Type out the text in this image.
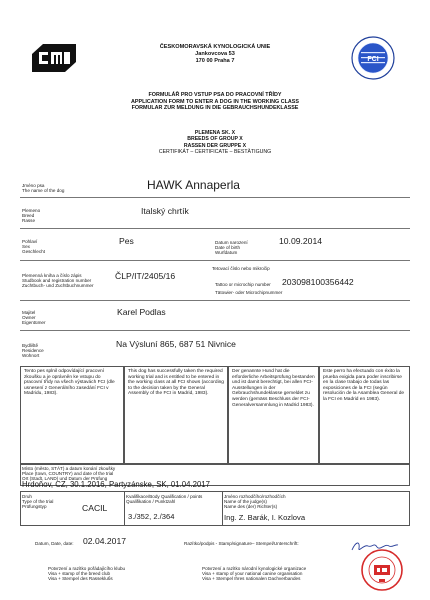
ČESKOMORAVSKÁ KYNOLOGICKÁ UNIE
Jankovcova 53
170 00 Praha 7	FCI
FORMULÁŘ PRO VSTUP PSA DO PRACOVNÍ TŘÍDY
APPLICATION FORM TO ENTER A DOG IN THE WORKING CLASS
FORMULAR ZUR MELDUNG IN DIE GEBRAUCHSHUNDEKLASSE
PLEMENA SK. X
BREEDS OF GROUP X
RASSEN DER GRUPPE X
CERTIFIKÁT – CERTIFICATE – BESTÄTIGUNG
Jméno psa
The name of the dog	HAWK Annaperla
Plemeno
Breed
Rasse
Italský chrtík
Pohlaví
Sex
Geschlecht
Pes	Datum narození
Date of birth
Wurfdatum
10.09.2014
Plemenná kniha a číslo zápis
Studbook and registration number
Zuchtbuch- und Zuchtbuchnummer
ČLP/IT/2405/16
Tetovací číslo nebo mikročip
Tattoo or microchip number 203098100356442
Tätowier- oder Microchipnummer
Majitel
Owner
Eigentümer
Karel Podlas
Bydliště
Residence
Wohnort
Na Výsluní 865, 687 51 Nivnice
Tento pes splnil odpovídající pracovní zkoušku a je oprávněn ke vstupu do pracovní třídy na všech výstavách FCI (dle usnesení z Generálního zasedání FCI v Madridu, 1983).
This dog has successfully taken the required working trial and is entitled to be entered in the working class at all FCI shows (according to the decision taken by the General Assembly of the FCI in Madrid, 1983).
Der genannte Hund hat die erforderliche Arbeitsprüfung bestanden und ist damit berechtigt, bei allen FCI-Ausstellungen in der Gebrauchshundeklasse gemeldet zu werden (gemäss Beschluss der FCI-Generalversammlung in Madrid 1983).
Este perro ha efectuado con éxito la prueba exigida para poder inscribirse en la clase trabajo de todas las exposiciones de la FCI (según resolución de la Asamblea General de la FCI en Madrid en 1983).
Místo (město, STÁT) a datum konání zkoušky
Place (town, COUNTRY) and date of the trial
Ort (Stadt, LAND) und Datum der Prüfung
Hrdoňov, CZ, 30.1.2016, Partyzánske, SK, 01.04.2017
Druh
Type of the trial
Prüfungstyp	CACIL
Kvalifikace/Body Qualification / points
Qualifikation / Punktzahl
3./352, 2./364
Jméno rozhodčího/rozhodčích
Name of the judge(s)
Name des (der) Richter(s)
Ing. Z. Barák, I. Kozlova
Datum, Date, date: 02.04.2017	Razítko/podpis - Stamp/signature– Stempel/Unterschrift:
Potvrzení a razítko pořádajícího klubu
Visa + stamp of the breed club
Visa + Stempel des Rassekluбs
Potvrzení a razítko národní kynologické organizace
Visa + stamp of your national canine organisation
Visa + Stempel Ihres nationalen Dachverbandes
